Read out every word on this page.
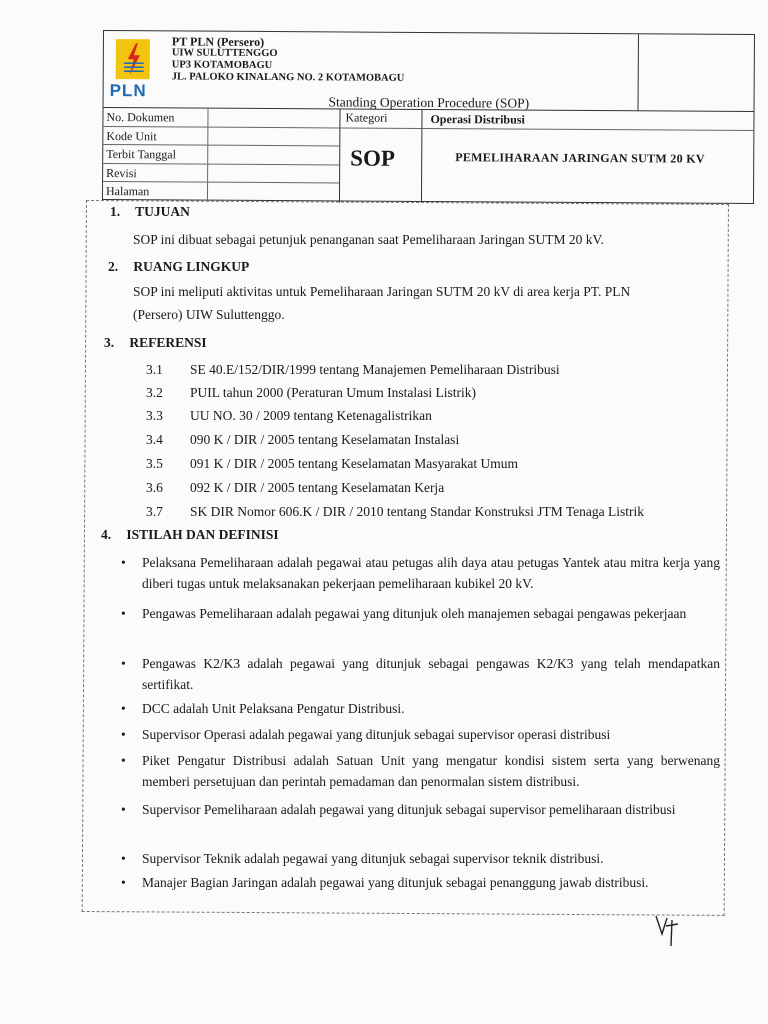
PLN
PT PLN (Persero)
UIW SULUTTENGGO
UP3 KOTAMOBAGU
JL. PALOKO KINALANG NO. 2 KOTAMOBAGU
Standing Operation Procedure (SOP)
No. Dokumen
Kode Unit
Terbit Tanggal
Revisi
Halaman
Kategori
SOP
Operasi Distribusi
PEMELIHARAAN JARINGAN SUTM 20 KV
1. TUJUAN
SOP ini dibuat sebagai petunjuk penanganan saat Pemeliharaan Jaringan SUTM 20 kV.
2. RUANG LINGKUP
SOP ini meliputi aktivitas untuk Pemeliharaan Jaringan SUTM 20 kV di area kerja PT. PLN
(Persero) UIW Suluttenggo.
3. REFERENSI
3.1 SE 40.E/152/DIR/1999 tentang Manajemen Pemeliharaan Distribusi
3.2 PUIL tahun 2000 (Peraturan Umum Instalasi Listrik)
3.3 UU NO. 30 / 2009 tentang Ketenagalistrikan
3.4 090 K / DIR / 2005 tentang Keselamatan Instalasi
3.5 091 K / DIR / 2005 tentang Keselamatan Masyarakat Umum
3.6 092 K / DIR / 2005 tentang Keselamatan Kerja
3.7 SK DIR Nomor 606.K / DIR / 2010 tentang Standar Konstruksi JTM Tenaga Listrik
4. ISTILAH DAN DEFINISI
• Pelaksana Pemeliharaan adalah pegawai atau petugas alih daya atau petugas Yantek atau mitra kerja yang diberi tugas untuk melaksanakan pekerjaan pemeliharaan kubikel 20 kV.
• Pengawas Pemeliharaan adalah pegawai yang ditunjuk oleh manajemen sebagai pengawas pekerjaan
• Pengawas K2/K3 adalah pegawai yang ditunjuk sebagai pengawas K2/K3 yang telah mendapatkan sertifikat.
• DCC adalah Unit Pelaksana Pengatur Distribusi.
• Supervisor Operasi adalah pegawai yang ditunjuk sebagai supervisor operasi distribusi
• Piket Pengatur Distribusi adalah Satuan Unit yang mengatur kondisi sistem serta yang berwenang memberi persetujuan dan perintah pemadaman dan penormalan sistem distribusi.
• Supervisor Pemeliharaan adalah pegawai yang ditunjuk sebagai supervisor pemeliharaan distribusi
• Supervisor Teknik adalah pegawai yang ditunjuk sebagai supervisor teknik distribusi.
• Manajer Bagian Jaringan adalah pegawai yang ditunjuk sebagai penanggung jawab distribusi.
